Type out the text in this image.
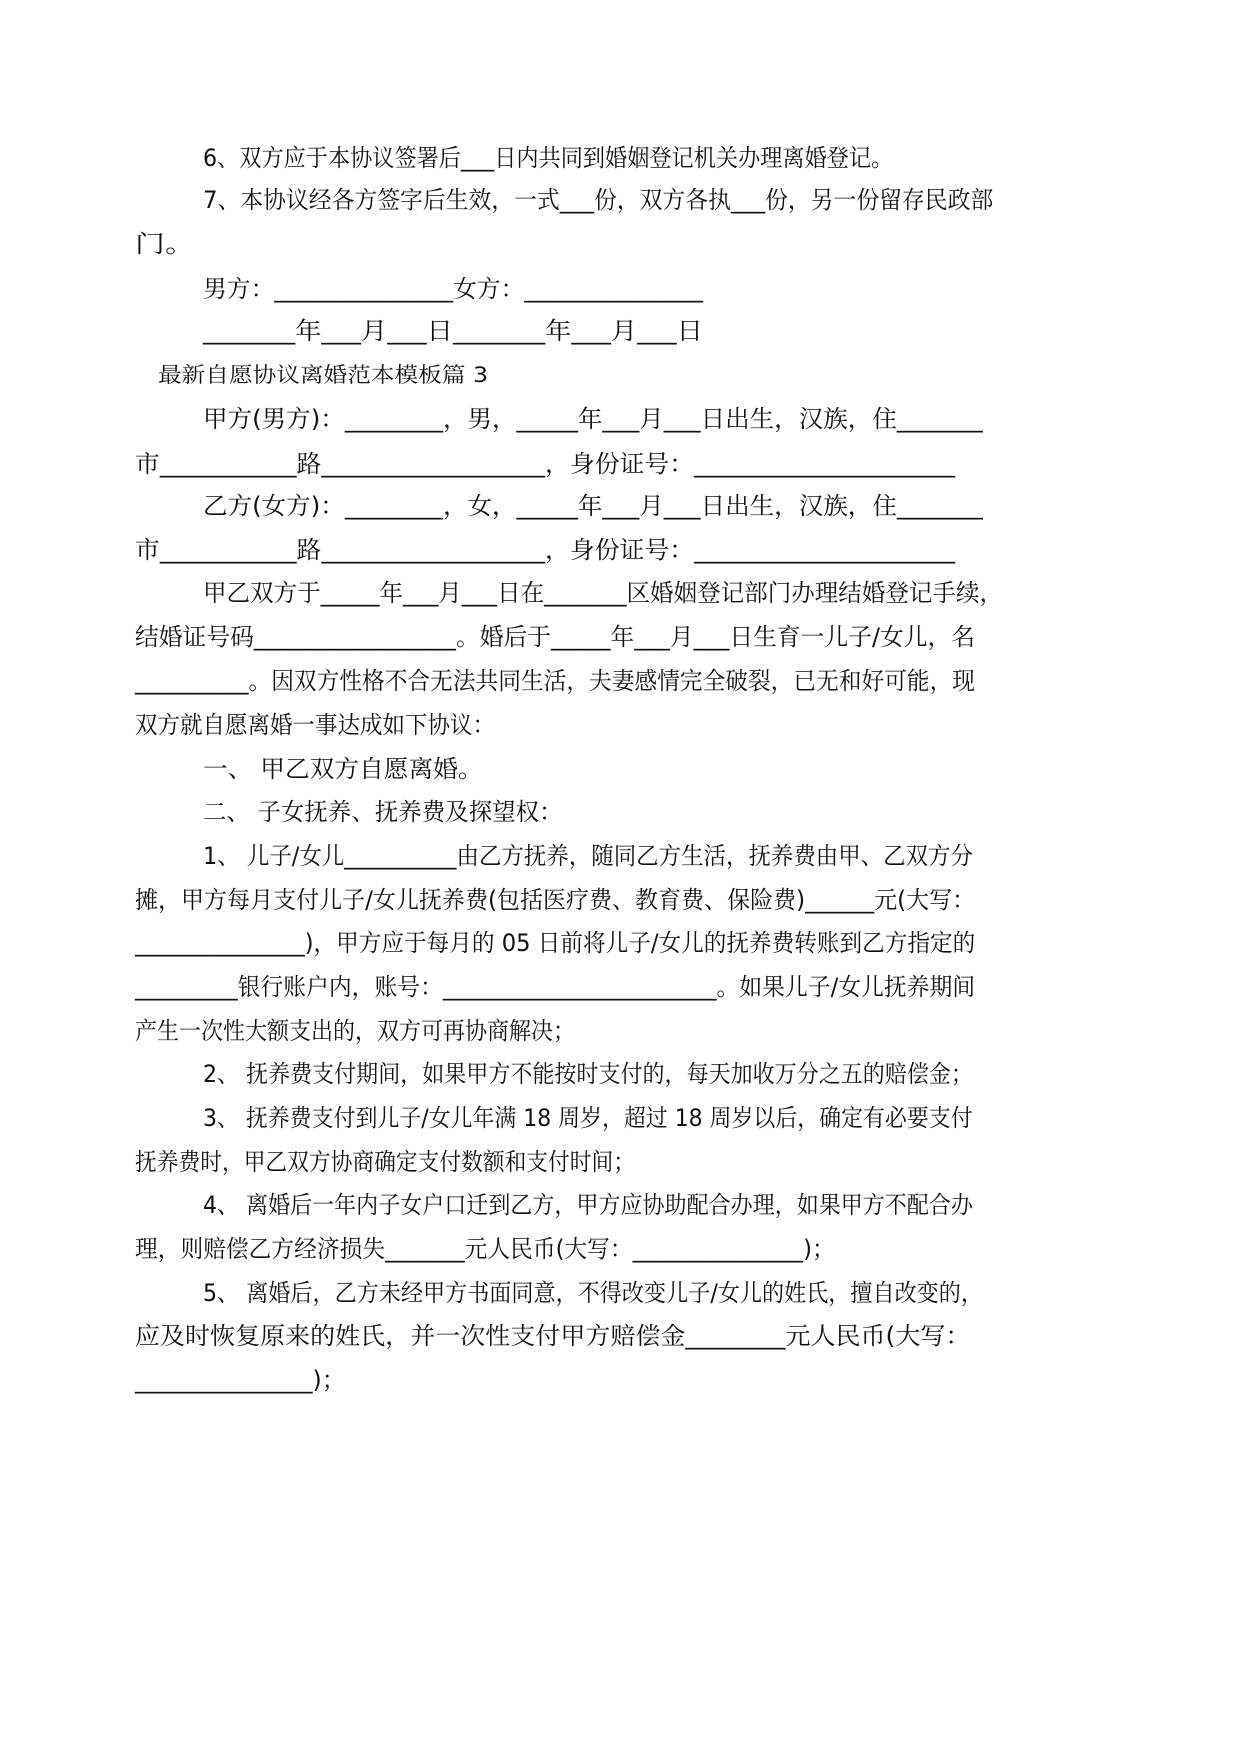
6、双方应于本协议签署后___日内共同到婚姻登记机关办理离婚登记。

7、本协议经各方签字后生效，一式___份，双方各执___份，另一份留存民政部

门。

男方：_______________女方：_______________

_______年___月___日_______年___月___日

最新自愿协议离婚范本模板篇 3

甲方(男方)：________，男，_____年___月___日出生，汉族，住_______

市___________路__________________，身份证号：_____________________

乙方(女方)：________，女，_____年___月___日出生，汉族，住_______

市___________路__________________，身份证号：_____________________

甲乙双方于_____年___月___日在_______区婚姻登记部门办理结婚登记手续，

结婚证号码_________________。婚后于_____年___月___日生育一儿子/女儿，名

__________。因双方性格不合无法共同生活，夫妻感情完全破裂，已无和好可能，现

双方就自愿离婚一事达成如下协议：

一、 甲乙双方自愿离婚。

二、 子女抚养、抚养费及探望权：

1、 儿子/女儿__________由乙方抚养，随同乙方生活，抚养费由甲、乙双方分

摊，甲方每月支付儿子/女儿抚养费(包括医疗费、教育费、保险费)______元(大写：

_______________)，甲方应于每月的 05 日前将儿子/女儿的抚养费转账到乙方指定的

_________银行账户内，账号：________________________。如果儿子/女儿抚养期间

产生一次性大额支出的，双方可再协商解决；

2、 抚养费支付期间，如果甲方不能按时支付的，每天加收万分之五的赔偿金；

3、 抚养费支付到儿子/女儿年满 18 周岁，超过 18 周岁以后，确定有必要支付

抚养费时，甲乙双方协商确定支付数额和支付时间；

4、 离婚后一年内子女户口迁到乙方，甲方应协助配合办理，如果甲方不配合办

理，则赔偿乙方经济损失_______元人民币(大写：_______________)；

5、 离婚后，乙方未经甲方书面同意，不得改变儿子/女儿的姓氏，擅自改变的，

应及时恢复原来的姓氏，并一次性支付甲方赔偿金________元人民币(大写：

_______________)；
